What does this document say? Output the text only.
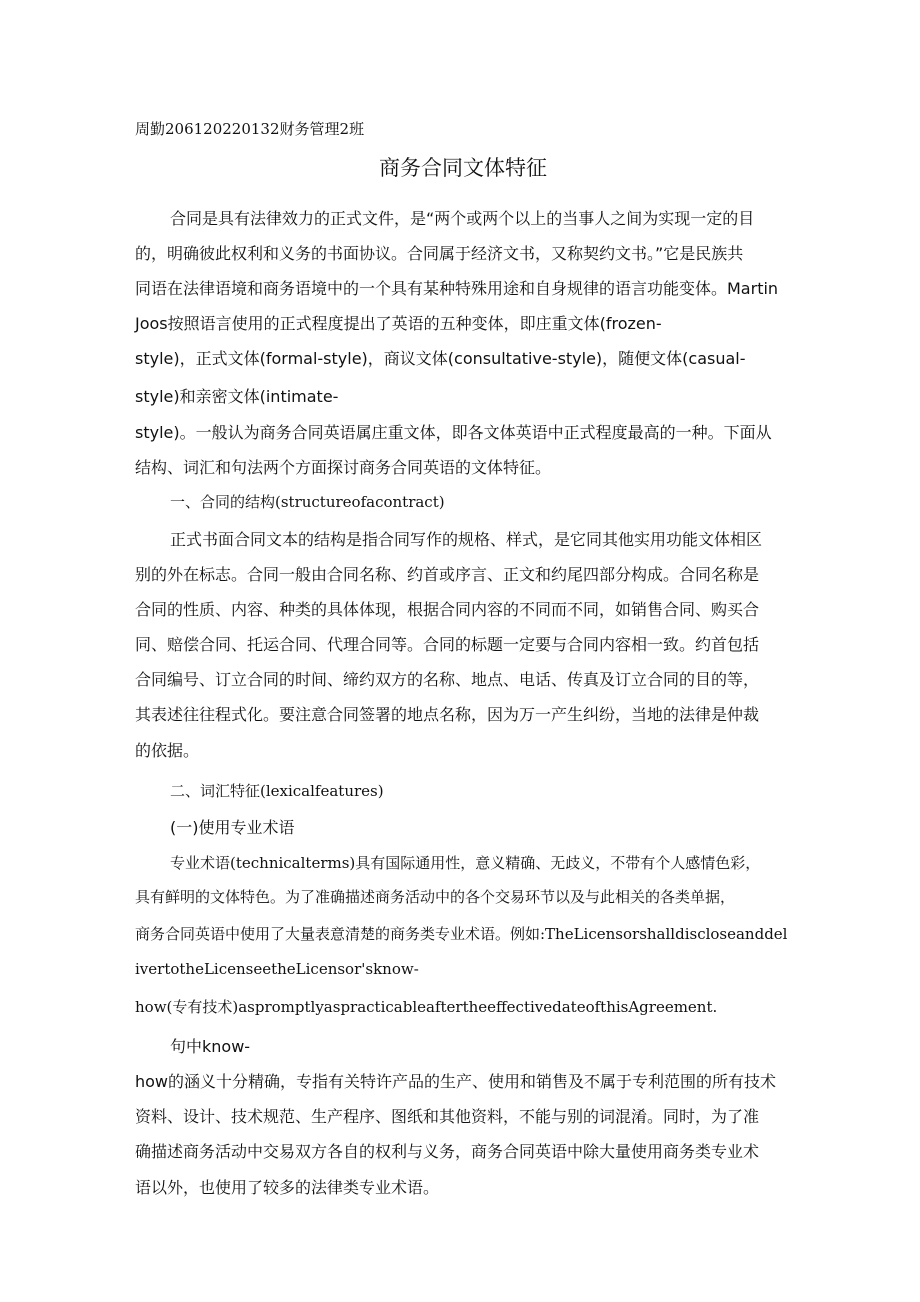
周勤206120220132财务管理2班

商务合同文体特征

合同是具有法律效力的正式文件，是“两个或两个以上的当事人之间为实现一定的目

的，明确彼此权利和义务的书面协议。合同属于经济文书，又称契约文书。”它是民族共

同语在法律语境和商务语境中的一个具有某种特殊用途和自身规律的语言功能变体。Martin

Joos按照语言使用的正式程度提出了英语的五种变体，即庄重文体(frozen-

style)，正式文体(formal-style)，商议文体(consultative-style)，随便文体(casual-

style)和亲密文体(intimate-

style)。一般认为商务合同英语属庄重文体，即各文体英语中正式程度最高的一种。下面从

结构、词汇和句法两个方面探讨商务合同英语的文体特征。

一、合同的结构(structureofacontract)

正式书面合同文本的结构是指合同写作的规格、样式，是它同其他实用功能文体相区

别的外在标志。合同一般由合同名称、约首或序言、正文和约尾四部分构成。合同名称是

合同的性质、内容、种类的具体体现，根据合同内容的不同而不同，如销售合同、购买合

同、赔偿合同、托运合同、代理合同等。合同的标题一定要与合同内容相一致。约首包括

合同编号、订立合同的时间、缔约双方的名称、地点、电话、传真及订立合同的目的等，

其表述往往程式化。要注意合同签署的地点名称，因为万一产生纠纷，当地的法律是仲裁

的依据。

二、词汇特征(lexicalfeatures)

(一)使用专业术语

专业术语(technicalterms)具有国际通用性，意义精确、无歧义，不带有个人感情色彩，

具有鲜明的文体特色。为了准确描述商务活动中的各个交易环节以及与此相关的各类单据，

商务合同英语中使用了大量表意清楚的商务类专业术语。例如:TheLicensorshalldiscloseanddel

ivertotheLicenseetheLicensor'sknow-

how(专有技术)aspromptlyaspracticableaftertheeffectivedateofthisAgreement.

句中know-

how的涵义十分精确，专指有关特许产品的生产、使用和销售及不属于专利范围的所有技术

资料、设计、技术规范、生产程序、图纸和其他资料，不能与别的词混淆。同时，为了准

确描述商务活动中交易双方各自的权利与义务，商务合同英语中除大量使用商务类专业术

语以外，也使用了较多的法律类专业术语。
